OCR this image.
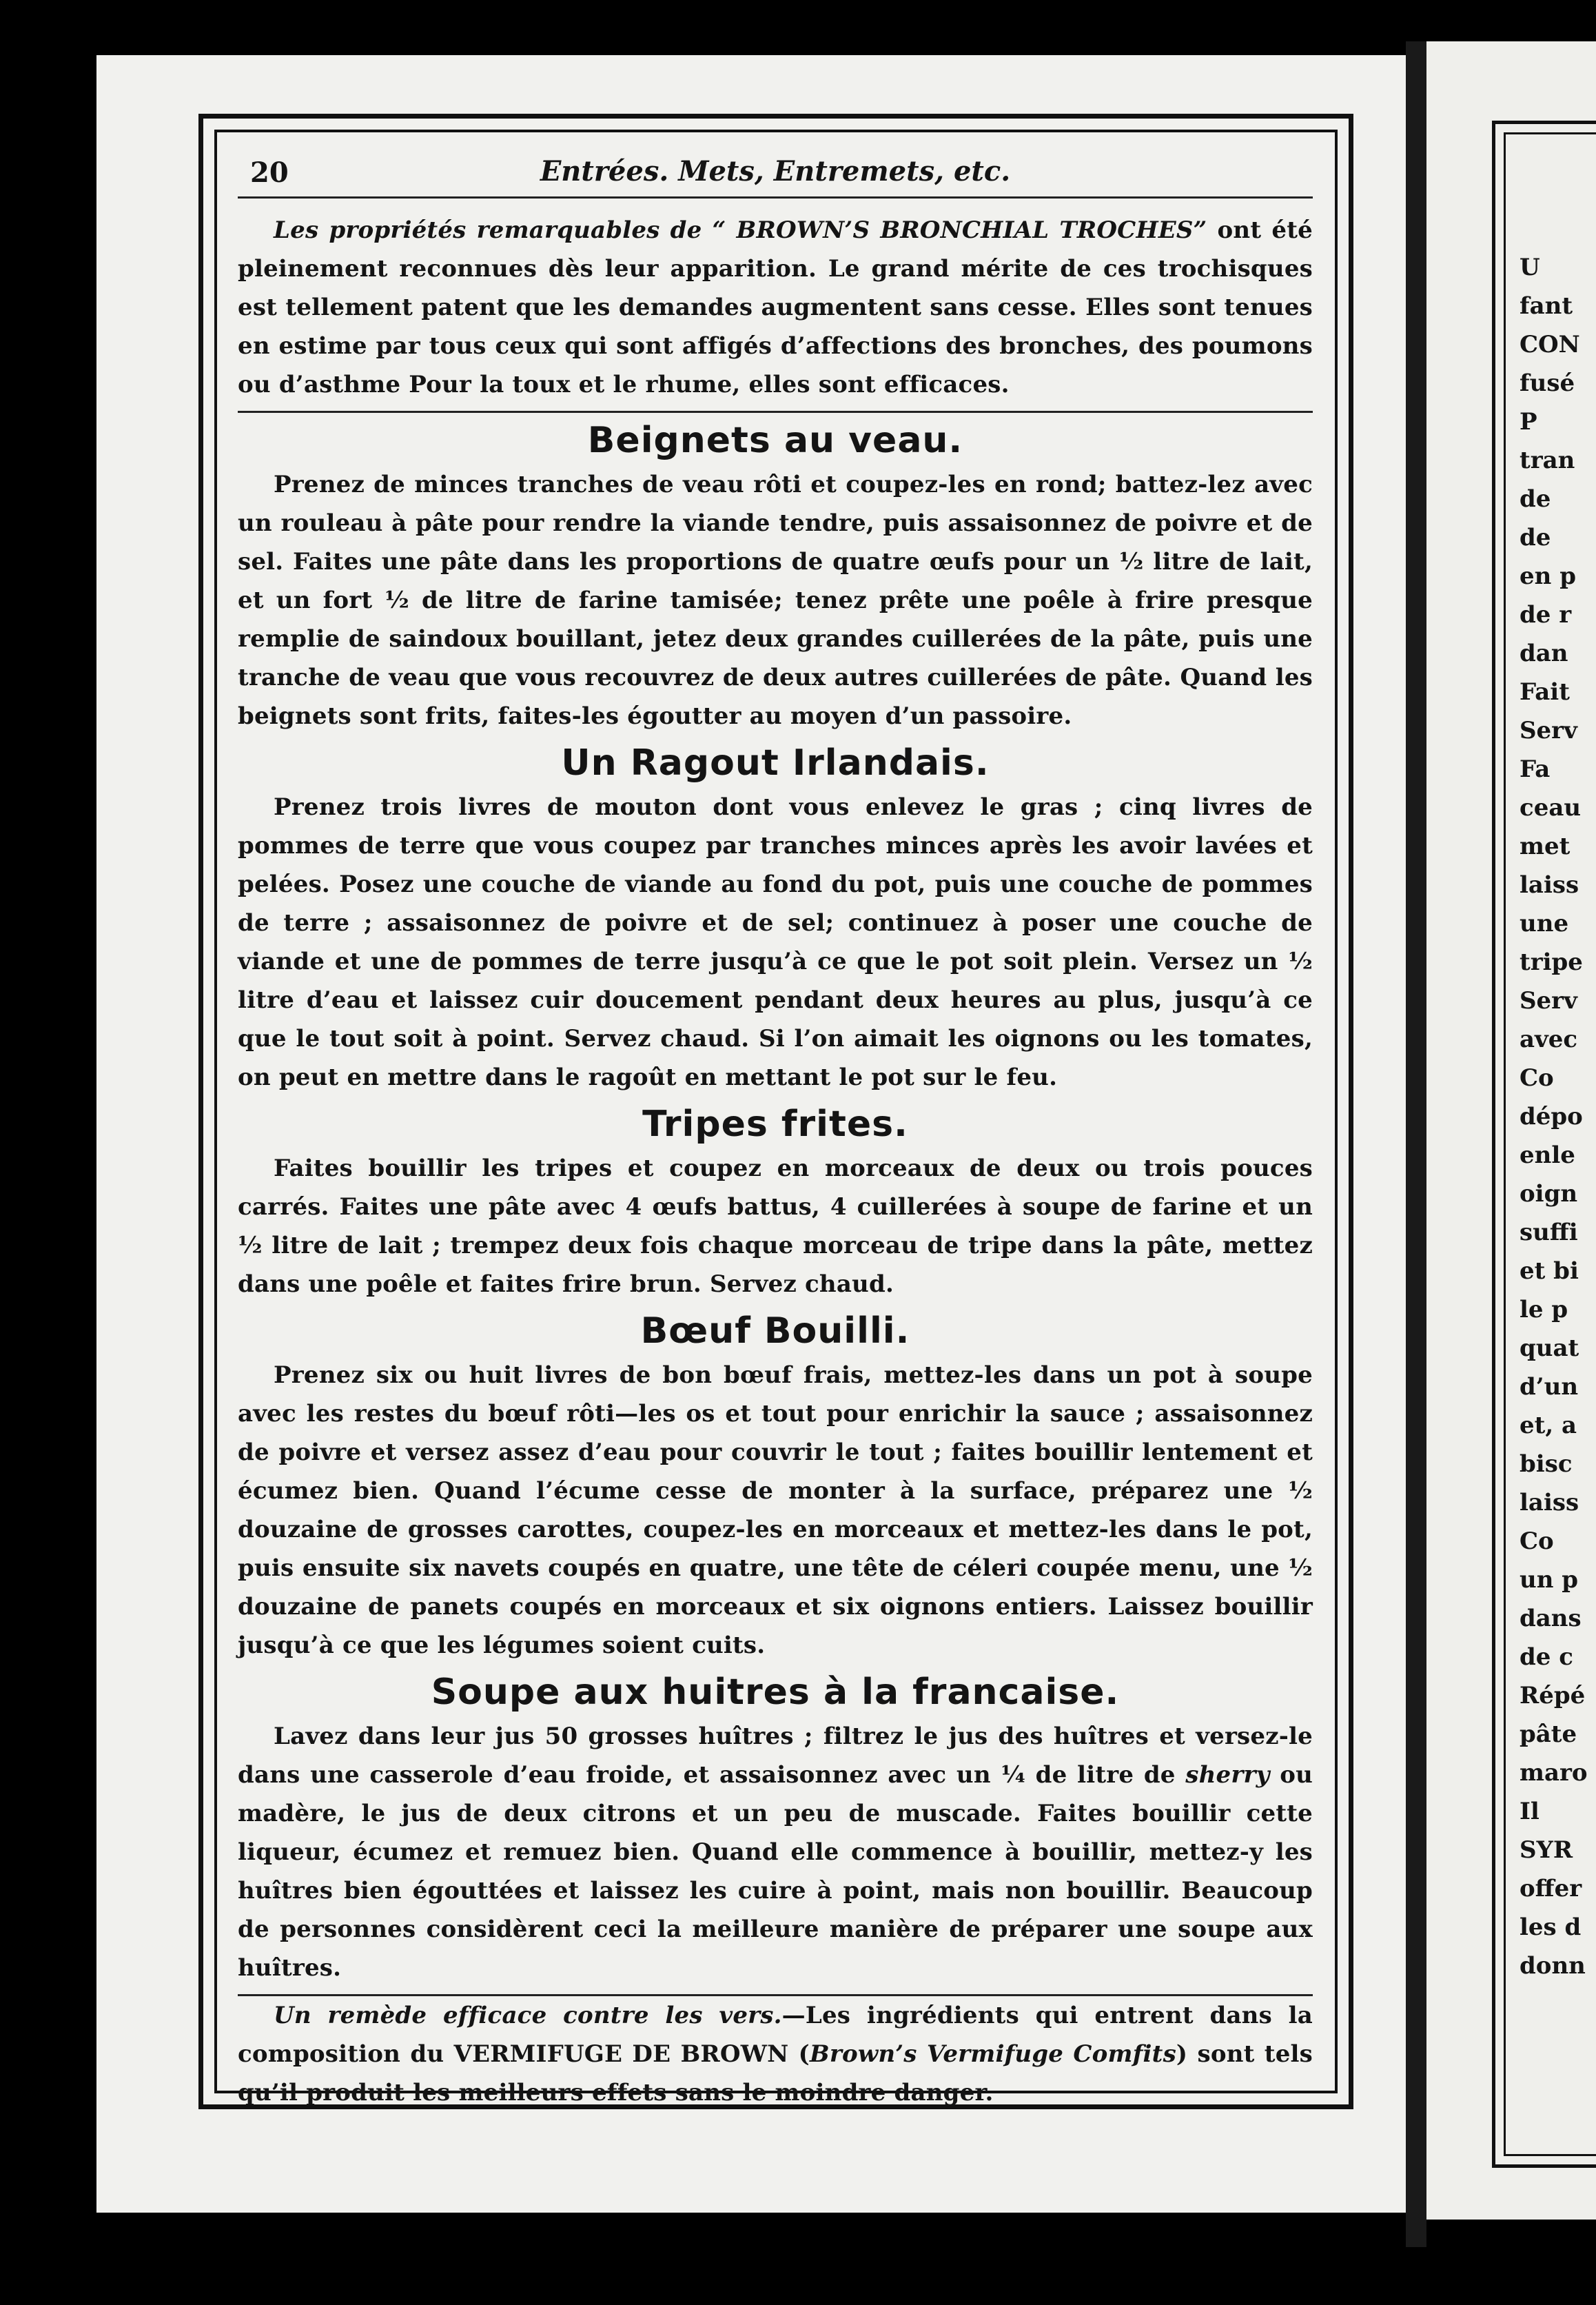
U
fant
CON
fusé
P
tran
de
de
en p
de r
dan
Fait
Serv
Fa
ceau
met
laiss
une
tripe
Serv
avec
Co
dépo
enle
oign
suffi
et bi
le p
quat
d’un
et, a
bisc
laiss
Co
un p
dans
de c
Répé
pâte
maro
Il
SYR
offer
les d
donn
20	Entrées. Mets, Entremets, etc.

Les propriétés remarquables de “ BROWN’S BRONCHIAL TROCHES” ont été pleinement reconnues dès leur apparition. Le grand mérite de ces trochisques est tellement patent que les demandes augmentent sans cesse. Elles sont tenues en estime par tous ceux qui sont affigés d’affections des bronches, des poumons ou d’asthme Pour la toux et le rhume, elles sont efficaces.

Beignets au veau.

Prenez de minces tranches de veau rôti et coupez-les en rond; battez-lez avec un rouleau à pâte pour rendre la viande tendre, puis assaisonnez de poivre et de sel. Faites une pâte dans les proportions de quatre œufs pour un ½ litre de lait, et un fort ½ de litre de farine tamisée; tenez prête une poêle à frire presque remplie de saindoux bouillant, jetez deux grandes cuillerées de la pâte, puis une tranche de veau que vous recouvrez de deux autres cuillerées de pâte. Quand les beignets sont frits, faites-les égoutter au moyen d’un passoire.

Un Ragout Irlandais.

Prenez trois livres de mouton dont vous enlevez le gras ; cinq livres de pommes de terre que vous coupez par tranches minces après les avoir lavées et pelées. Posez une couche de viande au fond du pot, puis une couche de pommes de terre ; assaisonnez de poivre et de sel; continuez à poser une couche de viande et une de pommes de terre jusqu’à ce que le pot soit plein. Versez un ½ litre d’eau et laissez cuir doucement pendant deux heures au plus, jusqu’à ce que le tout soit à point. Servez chaud. Si l’on aimait les oignons ou les tomates, on peut en mettre dans le ragoût en mettant le pot sur le feu.

Tripes frites.

Faites bouillir les tripes et coupez en morceaux de deux ou trois pouces carrés. Faites une pâte avec 4 œufs battus, 4 cuillerées à soupe de farine et un ½ litre de lait ; trempez deux fois chaque morceau de tripe dans la pâte, mettez dans une poêle et faites frire brun. Servez chaud.

Bœuf Bouilli.

Prenez six ou huit livres de bon bœuf frais, mettez-les dans un pot à soupe avec les restes du bœuf rôti—les os et tout pour enrichir la sauce ; assaisonnez de poivre et versez assez d’eau pour couvrir le tout ; faites bouillir lentement et écumez bien. Quand l’écume cesse de monter à la surface, préparez une ½ douzaine de grosses carottes, coupez-les en morceaux et mettez-les dans le pot, puis ensuite six navets coupés en quatre, une tête de céleri coupée menu, une ½ douzaine de panets coupés en morceaux et six oignons entiers. Laissez bouillir jusqu’à ce que les légumes soient cuits.

Soupe aux huitres à la francaise.

Lavez dans leur jus 50 grosses huîtres ; filtrez le jus des huîtres et versez-le dans une casserole d’eau froide, et assaisonnez avec un ¼ de litre de sherry ou madère, le jus de deux citrons et un peu de muscade. Faites bouillir cette liqueur, écumez et remuez bien. Quand elle commence à bouillir, mettez-y les huîtres bien égouttées et laissez les cuire à point, mais non bouillir. Beaucoup de personnes considèrent ceci la meilleure manière de préparer une soupe aux huîtres.

Un remède efficace contre les vers.—Les ingrédients qui entrent dans la composition du VERMIFUGE DE BROWN (Brown’s Vermifuge Comfits) sont tels qu’il produit les meilleurs effets sans le moindre danger.
